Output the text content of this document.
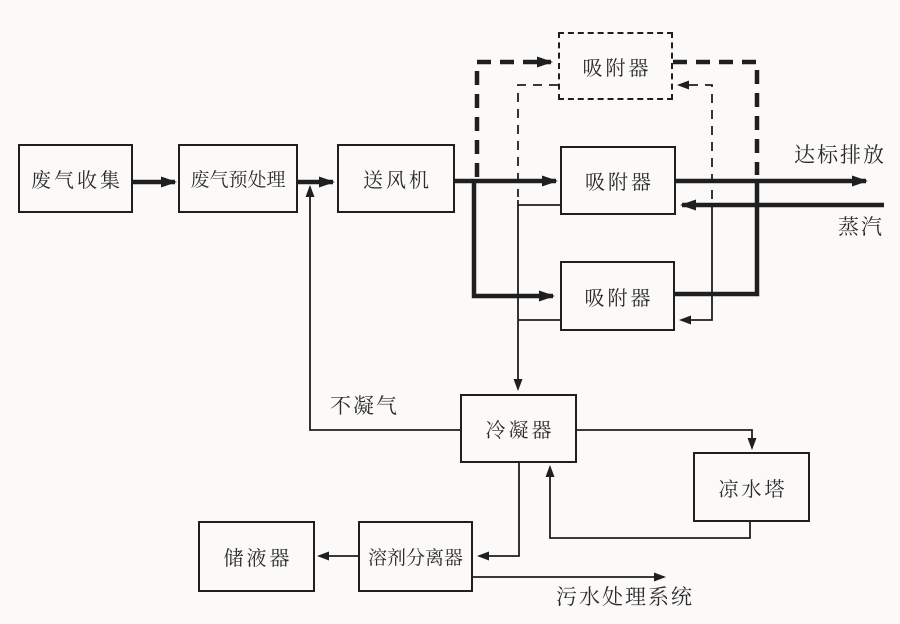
废气收集	废气预处理	送风机
吸附器
吸附器
吸附器
冷凝器
凉水塔
储液器	溶剂分离器
达标排放
蒸汽
不凝气
污水处理系统
